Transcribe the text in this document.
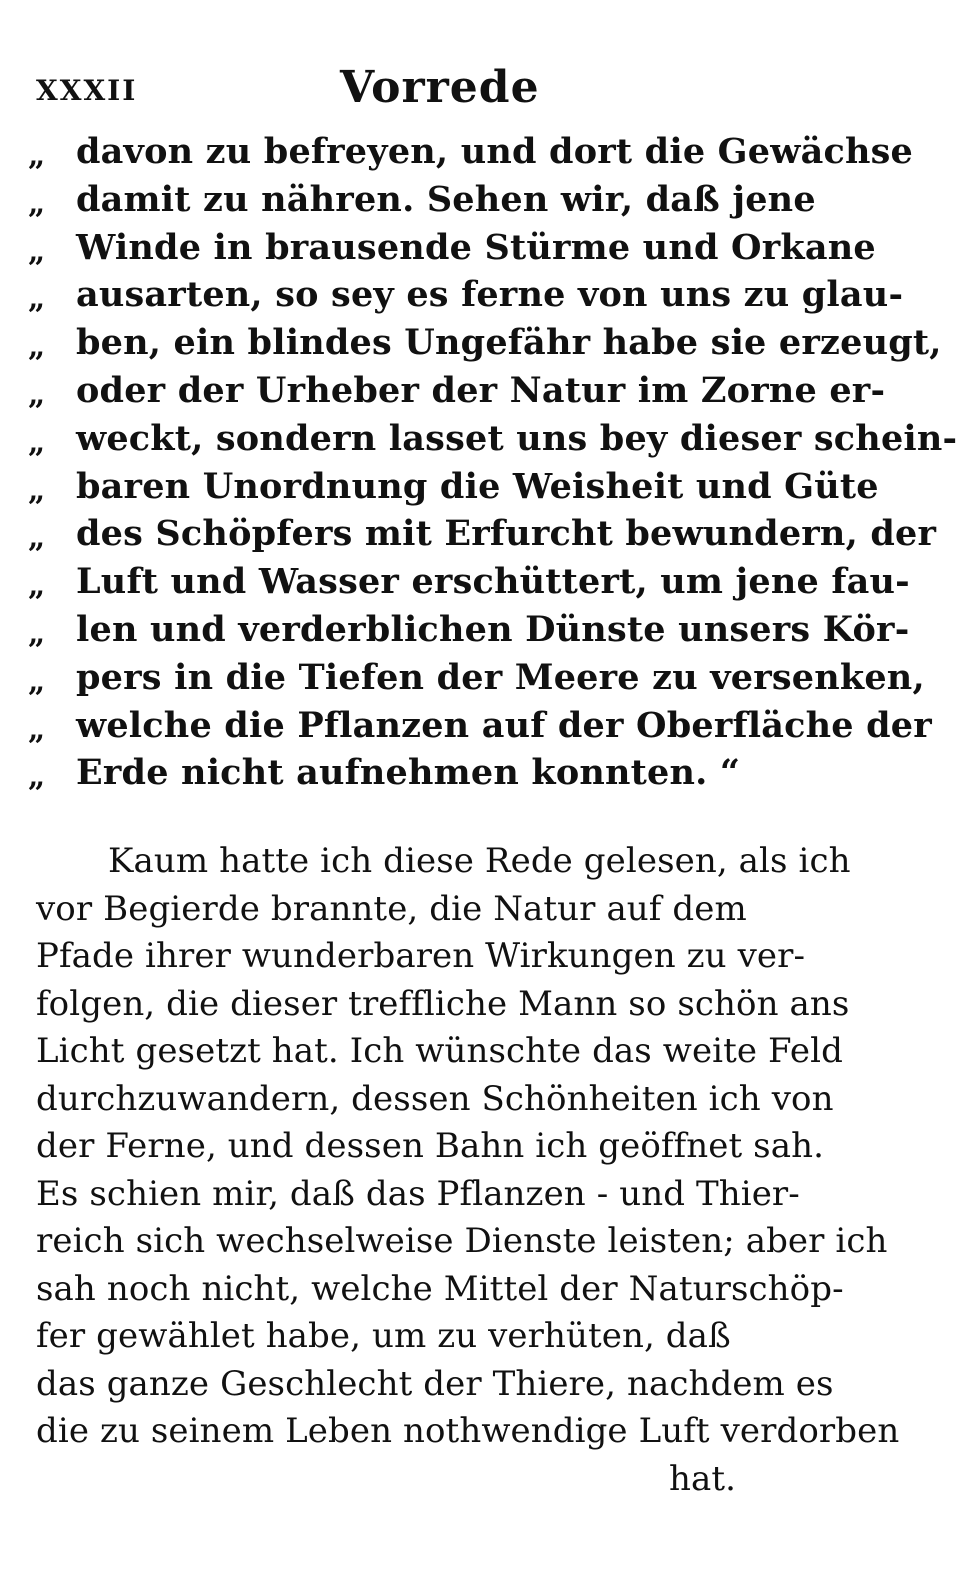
XXXII	Vorrede
„ davon zu befreyen, und dort die Gewächse
„ damit zu nähren. Sehen wir, daß jene
„ Winde in brausende Stürme und Orkane
„ ausarten, so sey es ferne von uns zu glau-
„ ben, ein blindes Ungefähr habe sie erzeugt,
„ oder der Urheber der Natur im Zorne er-
„ weckt, sondern lasset uns bey dieser schein-
„ baren Unordnung die Weisheit und Güte
„ des Schöpfers mit Erfurcht bewundern, der
„ Luft und Wasser erschüttert, um jene fau-
„ len und verderblichen Dünste unsers Kör-
„ pers in die Tiefen der Meere zu versenken,
„ welche die Pflanzen auf der Oberfläche der
„ Erde nicht aufnehmen konnten. “
Kaum hatte ich diese Rede gelesen, als ich
vor Begierde brannte, die Natur auf dem
Pfade ihrer wunderbaren Wirkungen zu ver-
folgen, die dieser treffliche Mann so schön ans
Licht gesetzt hat. Ich wünschte das weite Feld
durchzuwandern, dessen Schönheiten ich von
der Ferne, und dessen Bahn ich geöffnet sah.
Es schien mir, daß das Pflanzen - und Thier-
reich sich wechselweise Dienste leisten; aber ich
sah noch nicht, welche Mittel der Naturschöp-
fer gewählet habe, um zu verhüten, daß
das ganze Geschlecht der Thiere, nachdem es
die zu seinem Leben nothwendige Luft verdorben
hat.
